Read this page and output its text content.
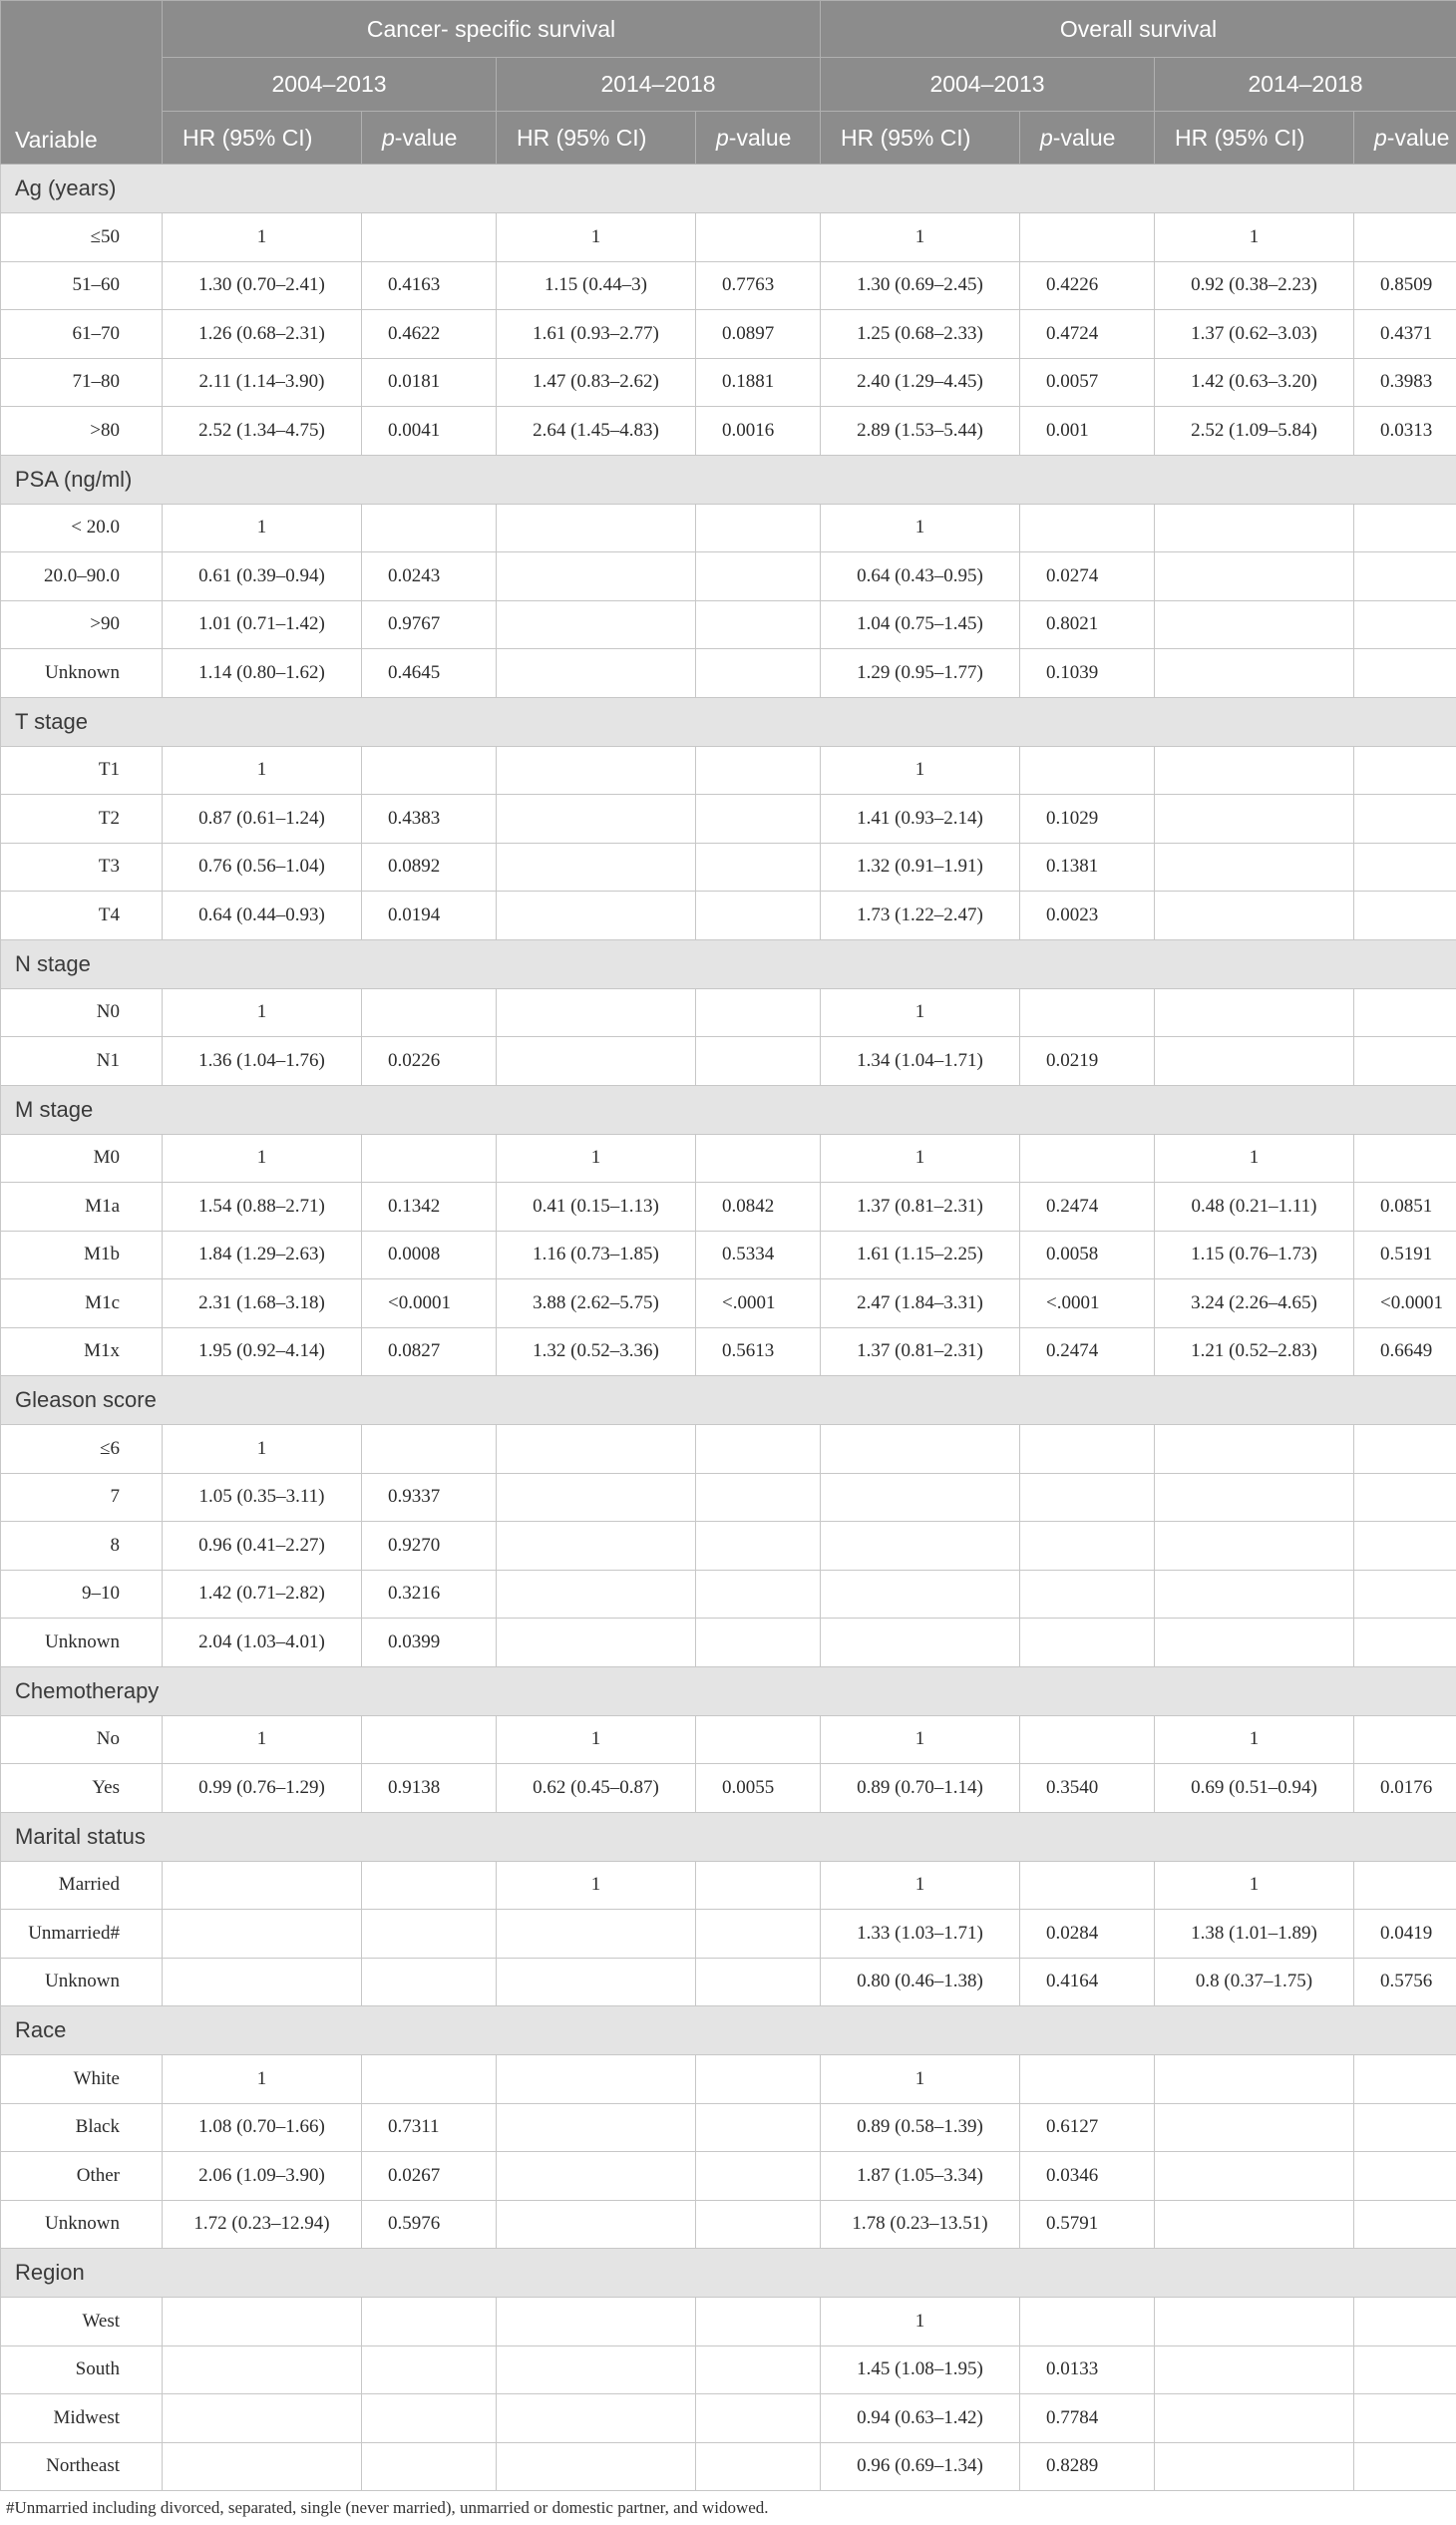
Variable	Cancer- specific survival				Overall survival			
	2004–2013		2014–2018		2004–2013		2014–2018	
	HR (95% CI)	p-value	HR (95% CI)	p-value	HR (95% CI)	p-value	HR (95% CI)	p-value
Ag (years)								
≤50	1		1		1		1	
51–60	1.30 (0.70–2.41)	0.4163	1.15 (0.44–3)	0.7763	1.30 (0.69–2.45)	0.4226	0.92 (0.38–2.23)	0.8509
61–70	1.26 (0.68–2.31)	0.4622	1.61 (0.93–2.77)	0.0897	1.25 (0.68–2.33)	0.4724	1.37 (0.62–3.03)	0.4371
71–80	2.11 (1.14–3.90)	0.0181	1.47 (0.83–2.62)	0.1881	2.40 (1.29–4.45)	0.0057	1.42 (0.63–3.20)	0.3983
>80	2.52 (1.34–4.75)	0.0041	2.64 (1.45–4.83)	0.0016	2.89 (1.53–5.44)	0.001	2.52 (1.09–5.84)	0.0313
PSA (ng/ml)								
< 20.0	1				1			
20.0–90.0	0.61 (0.39–0.94)	0.0243			0.64 (0.43–0.95)	0.0274		
>90	1.01 (0.71–1.42)	0.9767			1.04 (0.75–1.45)	0.8021		
Unknown	1.14 (0.80–1.62)	0.4645			1.29 (0.95–1.77)	0.1039		
T stage								
T1	1				1			
T2	0.87 (0.61–1.24)	0.4383			1.41 (0.93–2.14)	0.1029		
T3	0.76 (0.56–1.04)	0.0892			1.32 (0.91–1.91)	0.1381		
T4	0.64 (0.44–0.93)	0.0194			1.73 (1.22–2.47)	0.0023		
N stage								
N0	1				1			
N1	1.36 (1.04–1.76)	0.0226			1.34 (1.04–1.71)	0.0219		
M stage								
M0	1		1		1		1	
M1a	1.54 (0.88–2.71)	0.1342	0.41 (0.15–1.13)	0.0842	1.37 (0.81–2.31)	0.2474	0.48 (0.21–1.11)	0.0851
M1b	1.84 (1.29–2.63)	0.0008	1.16 (0.73–1.85)	0.5334	1.61 (1.15–2.25)	0.0058	1.15 (0.76–1.73)	0.5191
M1c	2.31 (1.68–3.18)	<0.0001	3.88 (2.62–5.75)	<.0001	2.47 (1.84–3.31)	<.0001	3.24 (2.26–4.65)	<0.0001
M1x	1.95 (0.92–4.14)	0.0827	1.32 (0.52–3.36)	0.5613	1.37 (0.81–2.31)	0.2474	1.21 (0.52–2.83)	0.6649
Gleason score								
≤6	1							
7	1.05 (0.35–3.11)	0.9337						
8	0.96 (0.41–2.27)	0.9270						
9–10	1.42 (0.71–2.82)	0.3216						
Unknown	2.04 (1.03–4.01)	0.0399						
Chemotherapy								
No	1		1		1		1	
Yes	0.99 (0.76–1.29)	0.9138	0.62 (0.45–0.87)	0.0055	0.89 (0.70–1.14)	0.3540	0.69 (0.51–0.94)	0.0176
Marital status								
Married			1		1		1	
Unmarried#					1.33 (1.03–1.71)	0.0284	1.38 (1.01–1.89)	0.0419
Unknown					0.80 (0.46–1.38)	0.4164	0.8 (0.37–1.75)	0.5756
Race								
White	1				1			
Black	1.08 (0.70–1.66)	0.7311			0.89 (0.58–1.39)	0.6127		
Other	2.06 (1.09–3.90)	0.0267			1.87 (1.05–3.34)	0.0346		
Unknown	1.72 (0.23–12.94)	0.5976			1.78 (0.23–13.51)	0.5791		
Region								
West					1			
South					1.45 (1.08–1.95)	0.0133		
Midwest					0.94 (0.63–1.42)	0.7784		
Northeast					0.96 (0.69–1.34)	0.8289		
#Unmarried including divorced, separated, single (never married), unmarried or domestic partner, and widowed.
